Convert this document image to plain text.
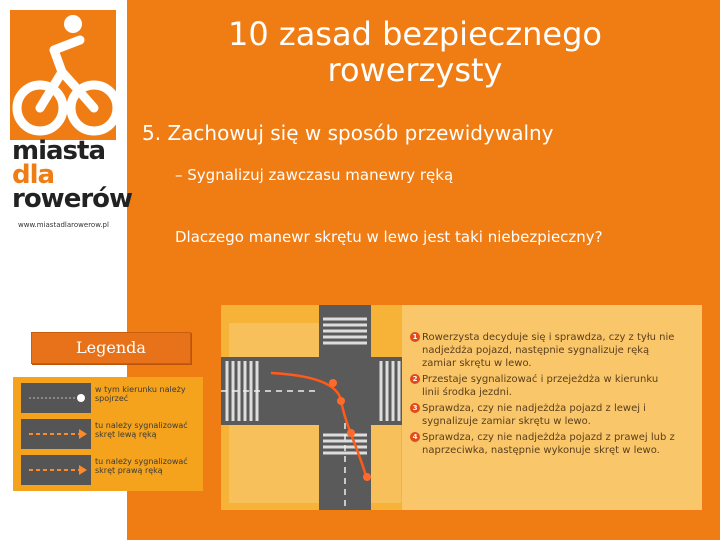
miasta
dla
rowerów
www.miastadlarowerow.pl
10 zasad bezpiecznego rowerzysty
5. Zachowuj się w sposób przewidywalny
– Sygnalizuj zawczasu manewry ręką
Dlaczego manewr skrętu w lewo jest taki niebezpieczny?
Legenda
w tym kierunku należy spojrzeć
tu należy sygnalizować skręt lewą ręką
tu należy sygnalizować skręt prawą ręką
1 Rowerzysta decyduje się i sprawdza, czy z tyłu nie nadjeżdża pojazd, następnie sygnalizuje ręką zamiar skrętu w lewo.
2 Przestaje sygnalizować i przejeżdża w kierunku linii środka jezdni.
3 Sprawdza, czy nie nadjeżdża pojazd z lewej i sygnalizuje zamiar skrętu w lewo.
4 Sprawdza, czy nie nadjeżdża pojazd z prawej lub z naprzeciwka, następnie wykonuje skręt w lewo.
